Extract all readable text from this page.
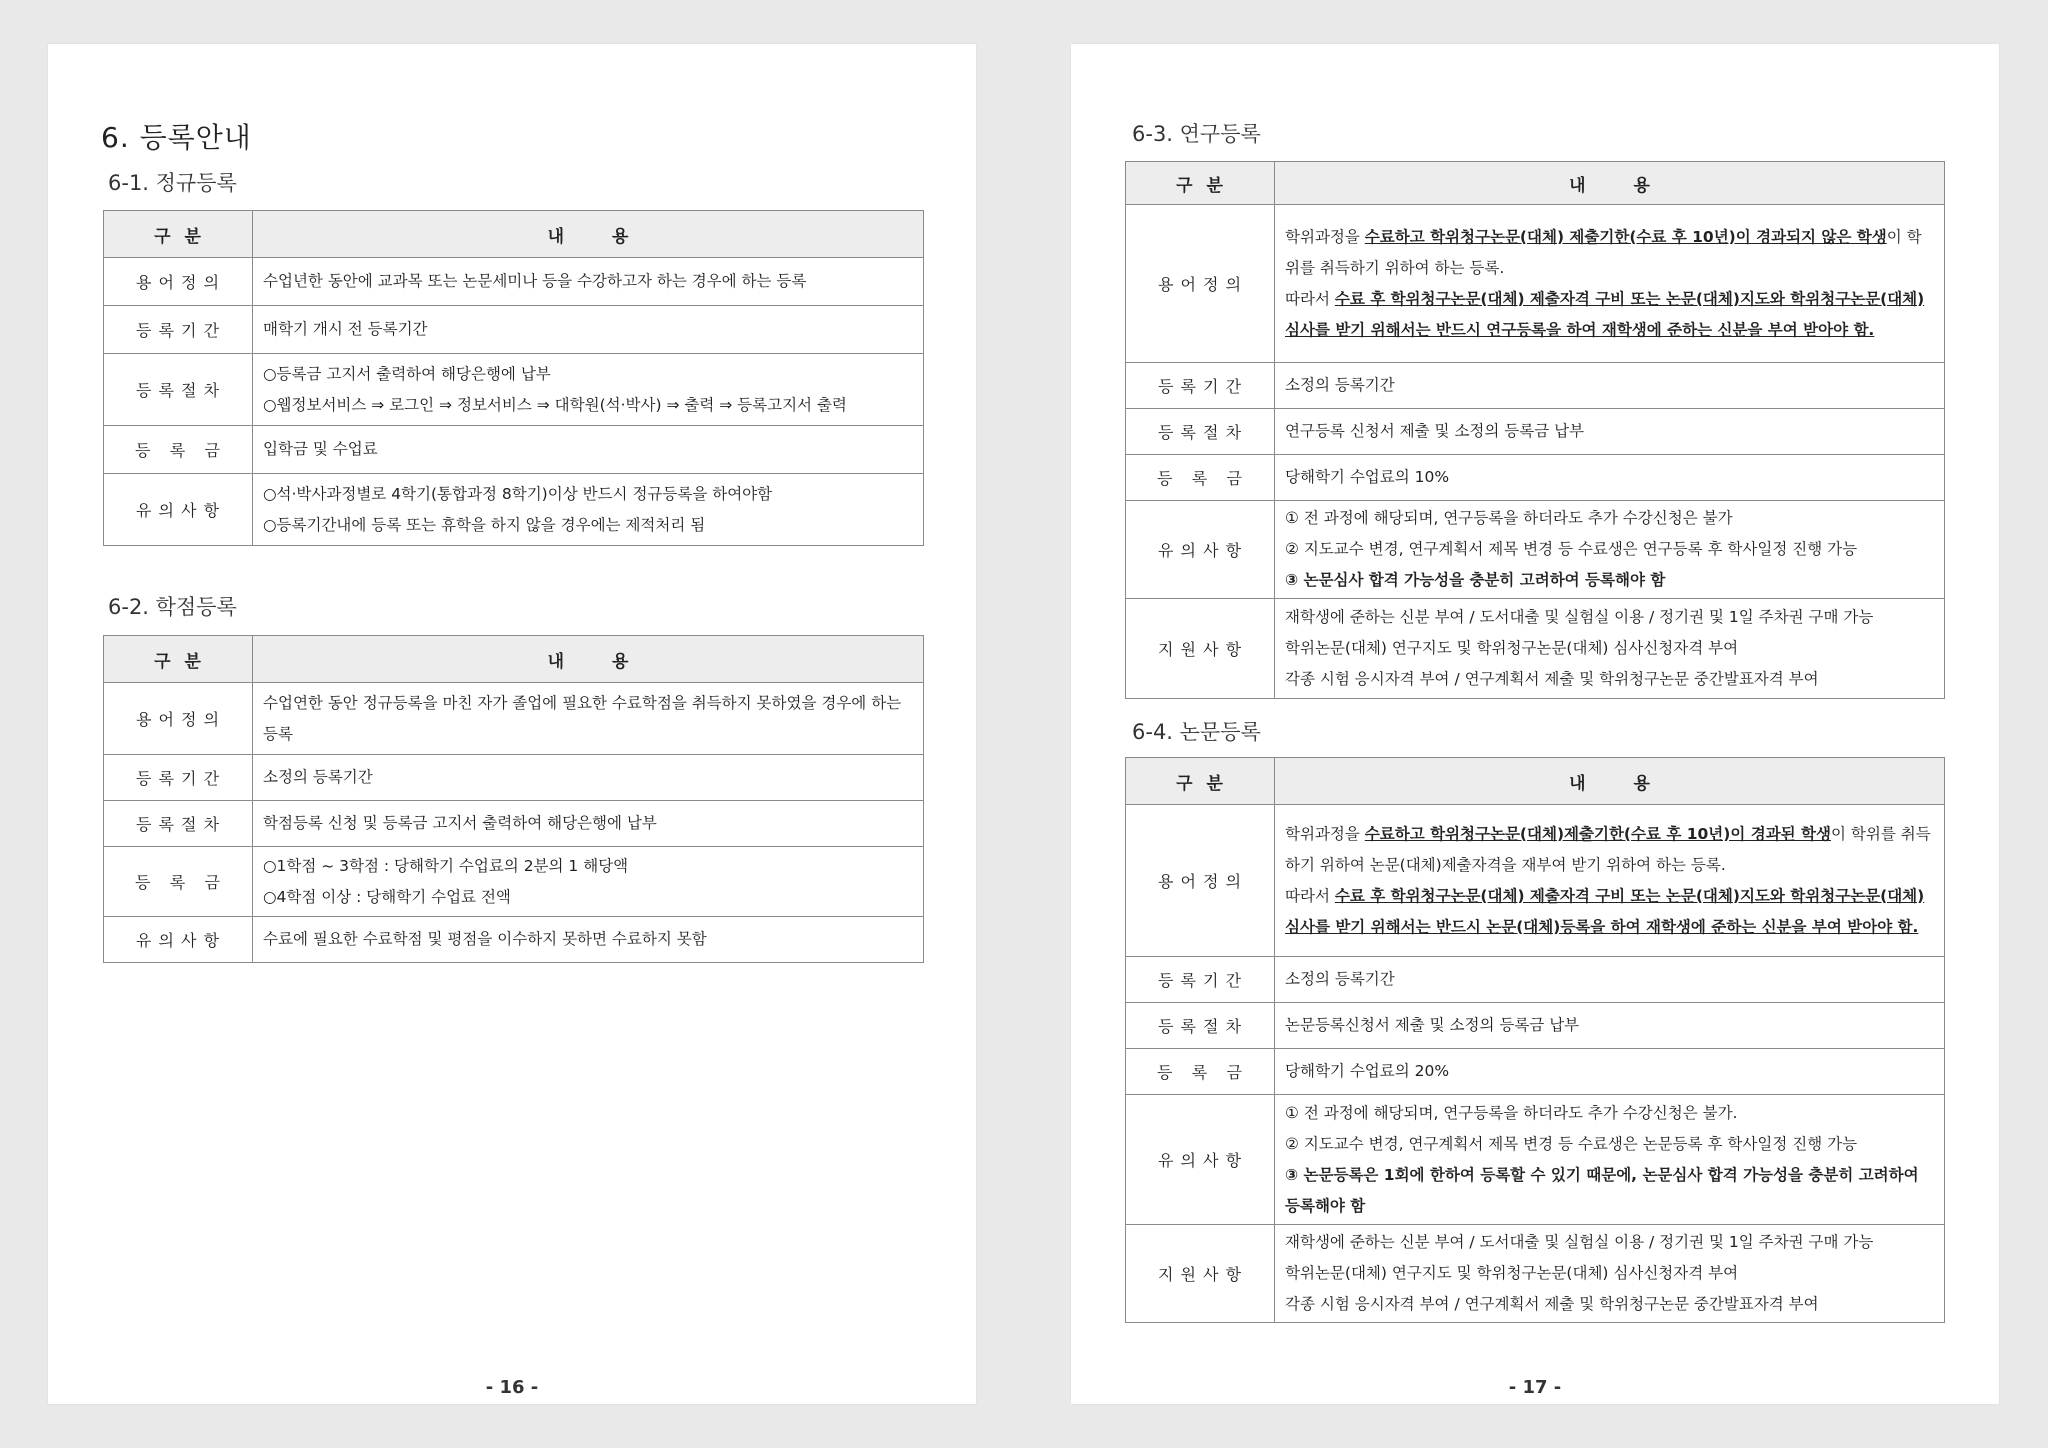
6. 등록안내
6-1. 정규등록
구 분	내 용
용 어 정 의	수업년한 동안에 교과목 또는 논문세미나 등을 수강하고자 하는 경우에 하는 등록
등 록 기 간	매학기 개시 전 등록기간
등 록 절 차	○등록금 고지서 출력하여 해당은행에 납부
○웹정보서비스 ⇒ 로그인 ⇒ 정보서비스 ⇒ 대학원(석·박사) ⇒ 출력 ⇒ 등록고지서 출력

등   록   금	입학금 및 수업료
유 의 사 항	○석·박사과정별로 4학기(통합과정 8학기)이상 반드시 정규등록을 하여야함
○등록기간내에 등록 또는 휴학을 하지 않을 경우에는 제적처리 됨
6-2. 학점등록
구 분	내 용
용 어 정 의	수업연한 동안 정규등록을 마친 자가 졸업에 필요한 수료학점을 취득하지 못하였을 경우에 하는 등록
등 록 기 간	소정의 등록기간
등 록 절 차	학점등록 신청 및 등록금 고지서 출력하여 해당은행에 납부
등   록   금	○1학점 ~ 3학점 : 당해학기 수업료의 2분의 1 해당액
○4학점 이상 : 당해학기 수업료 전액

유 의 사 항	수료에 필요한 수료학점 및 평점을 이수하지 못하면 수료하지 못함
- 16 -
6-3. 연구등록
구 분	내 용
용 어 정 의	학위과정을 수료하고 학위청구논문(대체) 제출기한(수료 후 10년)이 경과되지 않은 학생이 학위를 취득하기 위하여 하는 등록.
따라서 수료 후 학위청구논문(대체) 제출자격 구비 또는 논문(대체)지도와 학위청구논문(대체) 심사를 받기 위해서는 반드시 연구등록을 하여 재학생에 준하는 신분을 부여 받아야 함.

등 록 기 간	소정의 등록기간
등 록 절 차	연구등록 신청서 제출 및 소정의 등록금 납부
등   록   금	당해학기 수업료의 10%
유 의 사 항	① 전 과정에 해당되며, 연구등록을 하더라도 추가 수강신청은 불가
② 지도교수 변경, 연구계획서 제목 변경 등 수료생은 연구등록 후 학사일정 진행 가능
③ 논문심사 합격 가능성을 충분히 고려하여 등록해야 함

지 원 사 항	재학생에 준하는 신분 부여 / 도서대출 및 실험실 이용 / 정기권 및 1일 주차권 구매 가능
학위논문(대체) 연구지도 및 학위청구논문(대체) 심사신청자격 부여
각종 시험 응시자격 부여 / 연구계획서 제출 및 학위청구논문 중간발표자격 부여
6-4. 논문등록
구 분	내 용
용 어 정 의	학위과정을 수료하고 학위청구논문(대체)제출기한(수료 후 10년)이 경과된 학생이 학위를 취득하기 위하여 논문(대체)제출자격을 재부여 받기 위하여 하는 등록.
따라서 수료 후 학위청구논문(대체) 제출자격 구비 또는 논문(대체)지도와 학위청구논문(대체) 심사를 받기 위해서는 반드시 논문(대체)등록을 하여 재학생에 준하는 신분을 부여 받아야 함.

등 록 기 간	소정의 등록기간
등 록 절 차	논문등록신청서 제출 및 소정의 등록금 납부
등   록   금	당해학기 수업료의 20%
유 의 사 항	① 전 과정에 해당되며, 연구등록을 하더라도 추가 수강신청은 불가.
② 지도교수 변경, 연구계획서 제목 변경 등 수료생은 논문등록 후 학사일정 진행 가능
③ 논문등록은 1회에 한하여 등록할 수 있기 때문에, 논문심사 합격 가능성을 충분히 고려하여 등록해야 함

지 원 사 항	재학생에 준하는 신분 부여 / 도서대출 및 실험실 이용 / 정기권 및 1일 주차권 구매 가능
학위논문(대체) 연구지도 및 학위청구논문(대체) 심사신청자격 부여
각종 시험 응시자격 부여 / 연구계획서 제출 및 학위청구논문 중간발표자격 부여
- 17 -
